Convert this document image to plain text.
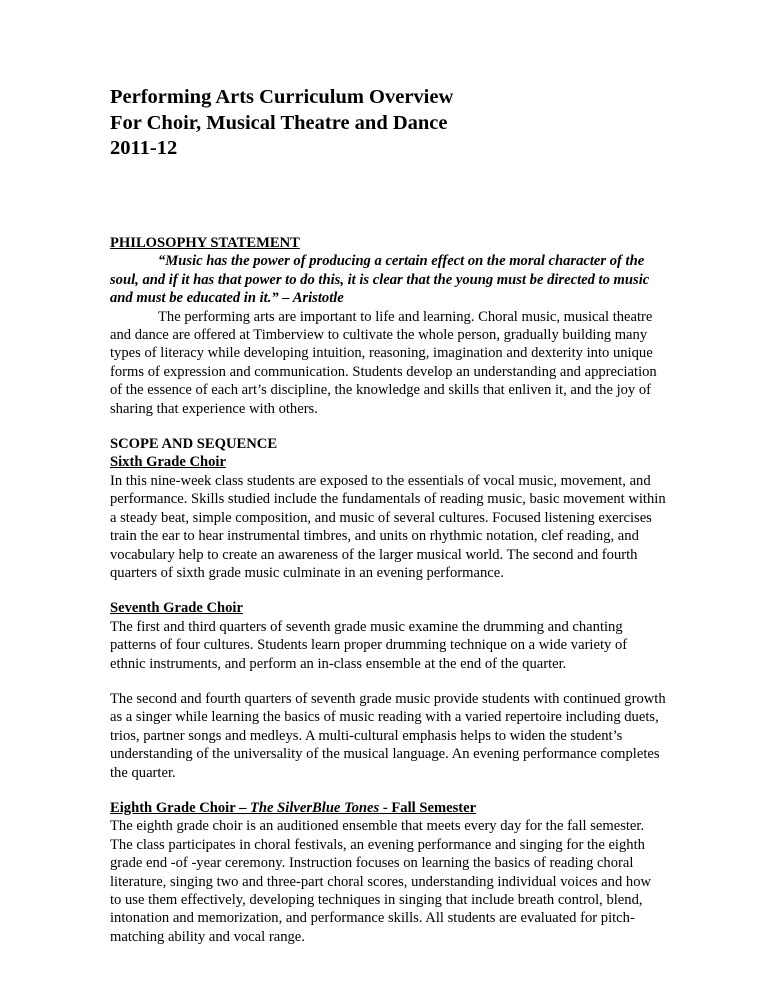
Performing Arts Curriculum Overview
For Choir, Musical Theatre and Dance
2011-12

PHILOSOPHY STATEMENT

“Music has the power of producing a certain effect on the moral character of the soul, and if it has that power to do this, it is clear that the young must be directed to music and must be educated in it.” – Aristotle

The performing arts are important to life and learning. Choral music, musical theatre and dance are offered at Timberview to cultivate the whole person, gradually building many types of literacy while developing intuition, reasoning, imagination and dexterity into unique forms of expression and communication. Students develop an understanding and appreciation of the essence of each art’s discipline, the knowledge and skills that enliven it, and the joy of sharing that experience with others.

SCOPE AND SEQUENCE

Sixth Grade Choir

In this nine-week class students are exposed to the essentials of vocal music, movement, and performance. Skills studied include the fundamentals of reading music, basic movement within a steady beat, simple composition, and music of several cultures. Focused listening exercises train the ear to hear instrumental timbres, and units on rhythmic notation, clef reading, and vocabulary help to create an awareness of the larger musical world. The second and fourth quarters of sixth grade music culminate in an evening performance.

Seventh Grade Choir

The first and third quarters of seventh grade music examine the drumming and chanting patterns of four cultures. Students learn proper drumming technique on a wide variety of ethnic instruments, and perform an in-class ensemble at the end of the quarter.

The second and fourth quarters of seventh grade music provide students with continued growth as a singer while learning the basics of music reading with a varied repertoire including duets, trios, partner songs and medleys. A multi-cultural emphasis helps to widen the student’s understanding of the universality of the musical language. An evening performance completes the quarter.

Eighth Grade Choir – The SilverBlue Tones - Fall Semester

The eighth grade choir is an auditioned ensemble that meets every day for the fall semester. The class participates in choral festivals, an evening performance and singing for the eighth grade end -of -year ceremony. Instruction focuses on learning the basics of reading choral literature, singing two and three-part choral scores, understanding individual voices and how to use them effectively, developing techniques in singing that include breath control, blend, intonation and memorization, and performance skills. All students are evaluated for pitch-matching ability and vocal range.
